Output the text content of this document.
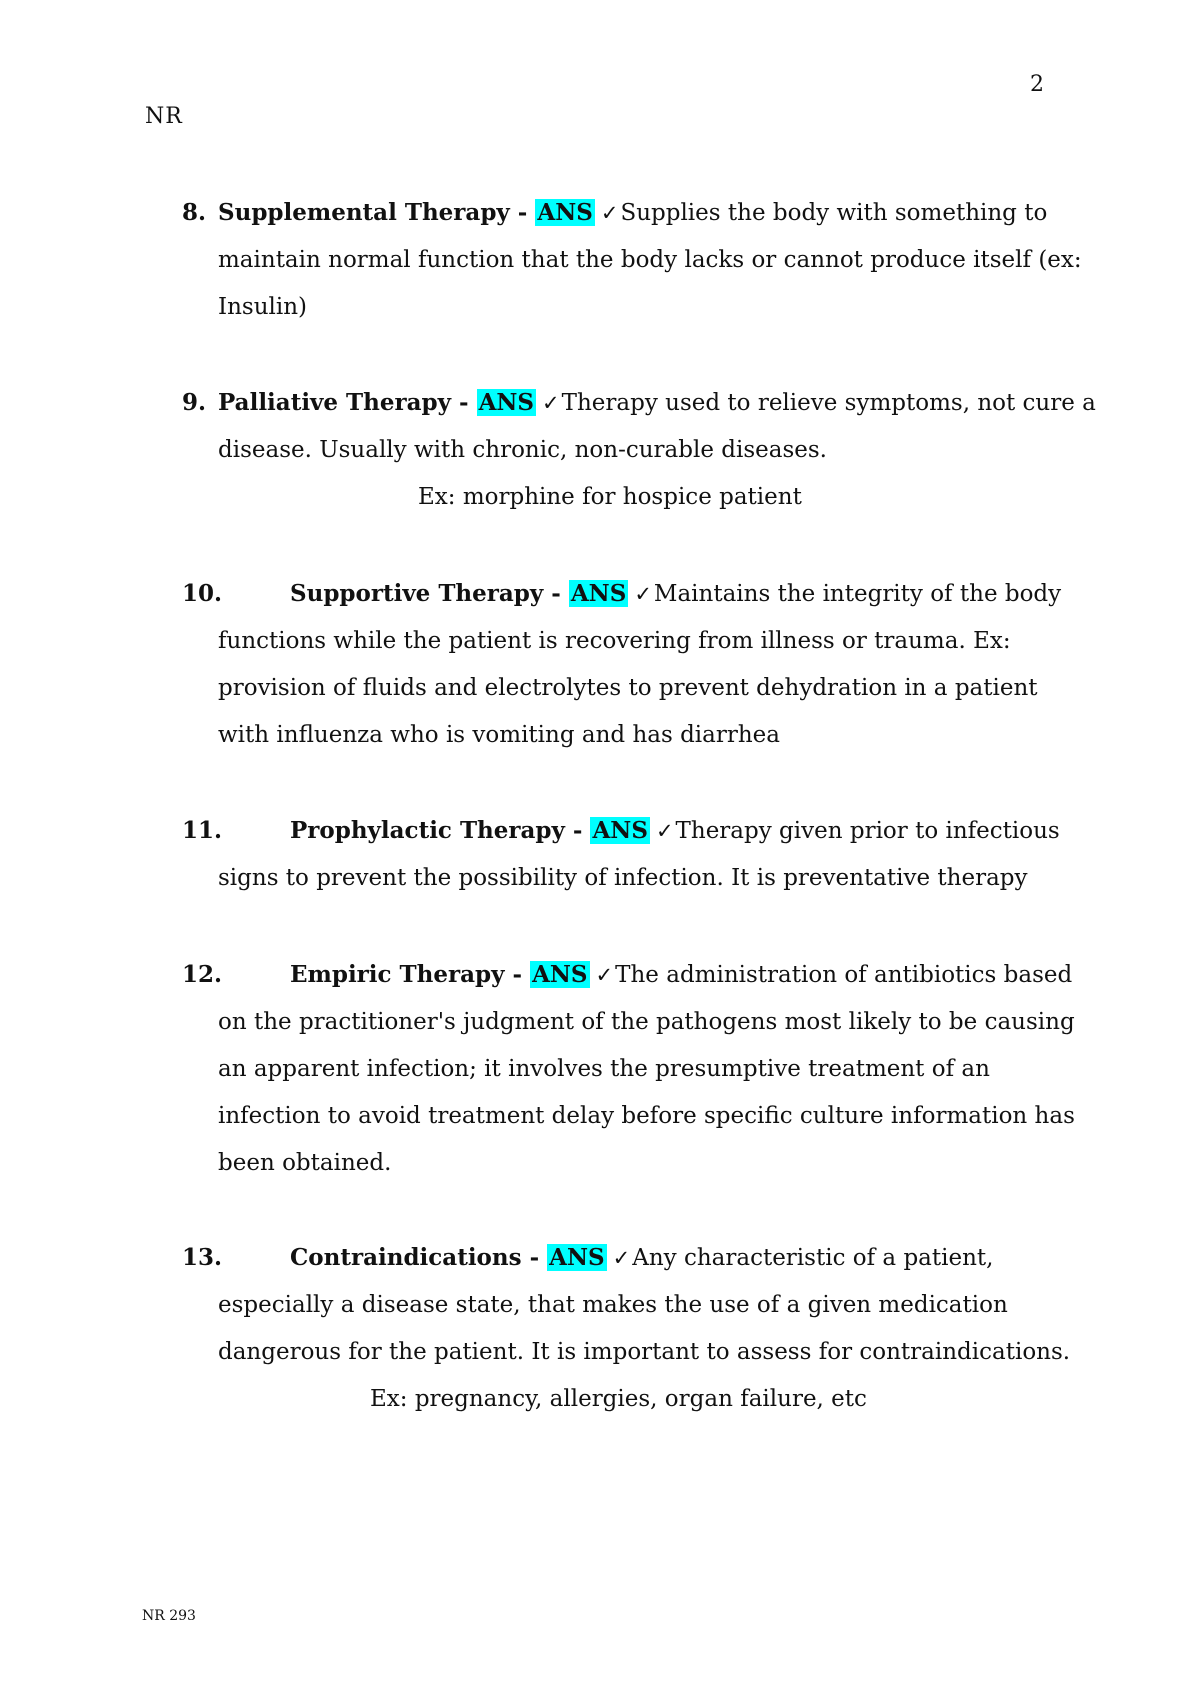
2
NR
8. Supplemental Therapy - ANS ✓Supplies the body with something to
maintain normal function that the body lacks or cannot produce itself (ex:
Insulin)
9. Palliative Therapy - ANS ✓Therapy used to relieve symptoms, not cure a
disease. Usually with chronic, non-curable diseases.
Ex: morphine for hospice patient
10.	Supportive Therapy - ANS ✓Maintains the integrity of the body
functions while the patient is recovering from illness or trauma. Ex:
provision of fluids and electrolytes to prevent dehydration in a patient
with influenza who is vomiting and has diarrhea
11.	Prophylactic Therapy - ANS ✓Therapy given prior to infectious
signs to prevent the possibility of infection. It is preventative therapy
12.	Empiric Therapy - ANS ✓The administration of antibiotics based
on the practitioner's judgment of the pathogens most likely to be causing
an apparent infection; it involves the presumptive treatment of an
infection to avoid treatment delay before specific culture information has
been obtained.
13.	Contraindications - ANS ✓Any characteristic of a patient,
especially a disease state, that makes the use of a given medication
dangerous for the patient. It is important to assess for contraindications.
Ex: pregnancy, allergies, organ failure, etc
NR 293
